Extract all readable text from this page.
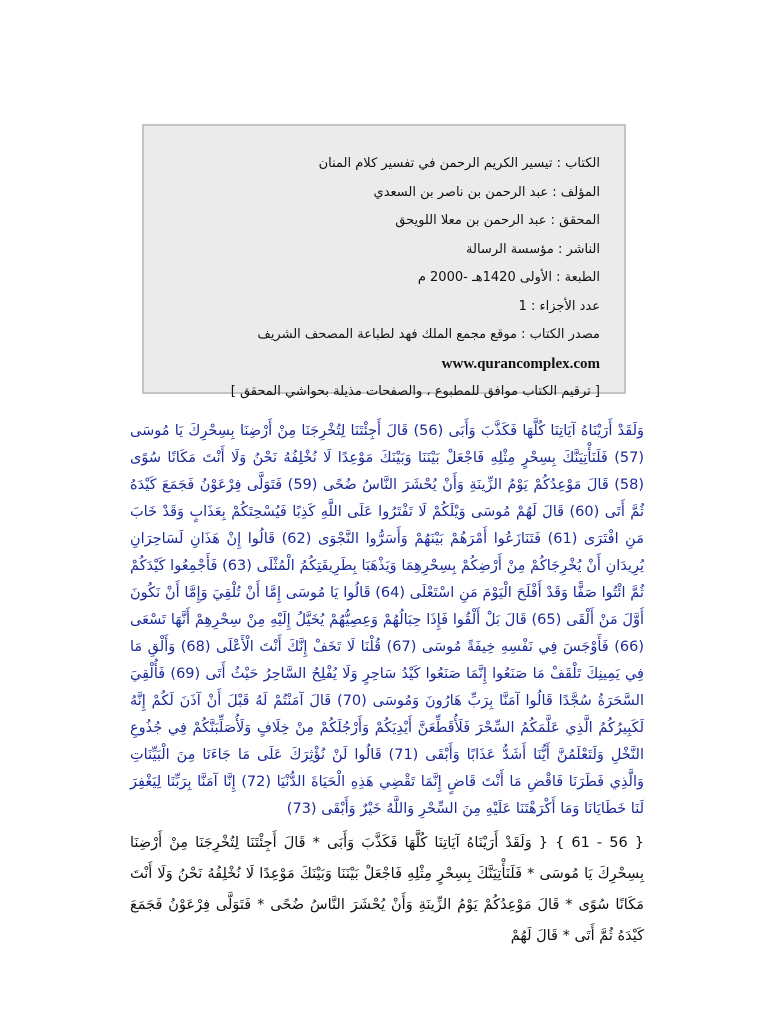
الكتاب : تيسير الكريم الرحمن في تفسير كلام المنان
المؤلف : عبد الرحمن بن ناصر بن السعدي
المحقق : عبد الرحمن بن معلا اللويحق
الناشر : مؤسسة الرسالة
الطبعة : الأولى 1420هـ -2000 م
عدد الأجزاء : 1
مصدر الكتاب : موقع مجمع الملك فهد لطباعة المصحف الشريف
www.qurancomplex.com
[ ترقيم الكتاب موافق للمطبوع ، والصفحات مذيلة بحواشي المحقق ]
وَلَقَدْ أَرَيْنَاهُ آيَاتِنَا كُلَّهَا فَكَذَّبَ وَأَبَى (56) قَالَ أَجِئْتَنَا لِتُخْرِجَنَا مِنْ أَرْضِنَا بِسِحْرِكَ يَا مُوسَى (57) فَلَنَأْتِيَنَّكَ بِسِحْرٍ مِثْلِهِ فَاجْعَلْ بَيْنَنَا وَبَيْنَكَ مَوْعِدًا لَا نُخْلِفُهُ نَحْنُ وَلَا أَنْتَ مَكَانًا سُوًى (58) قَالَ مَوْعِدُكُمْ يَوْمُ الزِّينَةِ وَأَنْ يُحْشَرَ النَّاسُ ضُحًى (59) فَتَوَلَّى فِرْعَوْنُ فَجَمَعَ كَيْدَهُ ثُمَّ أَتَى (60) قَالَ لَهُمْ مُوسَى وَيْلَكُمْ لَا تَفْتَرُوا عَلَى اللَّهِ كَذِبًا فَيُسْحِتَكُمْ بِعَذَابٍ وَقَدْ خَابَ مَنِ افْتَرَى (61) فَتَنَازَعُوا أَمْرَهُمْ بَيْنَهُمْ وَأَسَرُّوا النَّجْوَى (62) قَالُوا إِنْ هَذَانِ لَسَاحِرَانِ يُرِيدَانِ أَنْ يُخْرِجَاكُمْ مِنْ أَرْضِكُمْ بِسِحْرِهِمَا وَيَذْهَبَا بِطَرِيقَتِكُمُ الْمُثْلَى (63) فَأَجْمِعُوا كَيْدَكُمْ ثُمَّ ائْتُوا صَفًّا وَقَدْ أَفْلَحَ الْيَوْمَ مَنِ اسْتَعْلَى (64) قَالُوا يَا مُوسَى إِمَّا أَنْ تُلْقِيَ وَإِمَّا أَنْ نَكُونَ أَوَّلَ مَنْ أَلْقَى (65) قَالَ بَلْ أَلْقُوا فَإِذَا حِبَالُهُمْ وَعِصِيُّهُمْ يُخَيَّلُ إِلَيْهِ مِنْ سِحْرِهِمْ أَنَّهَا تَسْعَى (66) فَأَوْجَسَ فِي نَفْسِهِ خِيفَةً مُوسَى (67) قُلْنَا لَا تَخَفْ إِنَّكَ أَنْتَ الْأَعْلَى (68) وَأَلْقِ مَا فِي يَمِينِكَ تَلْقَفْ مَا صَنَعُوا إِنَّمَا صَنَعُوا كَيْدُ سَاحِرٍ وَلَا يُفْلِحُ السَّاحِرُ حَيْثُ أَتَى (69) فَأُلْقِيَ السَّحَرَةُ سُجَّدًا قَالُوا آمَنَّا بِرَبِّ هَارُونَ وَمُوسَى (70) قَالَ آمَنْتُمْ لَهُ قَبْلَ أَنْ آذَنَ لَكُمْ إِنَّهُ لَكَبِيرُكُمُ الَّذِي عَلَّمَكُمُ السِّحْرَ فَلَأُقَطِّعَنَّ أَيْدِيَكُمْ وَأَرْجُلَكُمْ مِنْ خِلَافٍ وَلَأُصَلِّبَنَّكُمْ فِي جُذُوعِ النَّخْلِ وَلَتَعْلَمُنَّ أَيُّنَا أَشَدُّ عَذَابًا وَأَبْقَى (71) قَالُوا لَنْ نُؤْثِرَكَ عَلَى مَا جَاءَنَا مِنَ الْبَيِّنَاتِ وَالَّذِي فَطَرَنَا فَاقْضِ مَا أَنْتَ قَاضٍ إِنَّمَا تَقْضِي هَذِهِ الْحَيَاةَ الدُّنْيَا (72) إِنَّا آمَنَّا بِرَبِّنَا لِيَغْفِرَ لَنَا خَطَايَانَا وَمَا أَكْرَهْتَنَا عَلَيْهِ مِنَ السِّحْرِ وَاللَّهُ خَيْرٌ وَأَبْقَى (73)
{ 56 - 61 } { وَلَقَدْ أَرَيْنَاهُ آيَاتِنَا كُلَّهَا فَكَذَّبَ وَأَبَى * قَالَ أَجِئْتَنَا لِتُخْرِجَنَا مِنْ أَرْضِنَا بِسِحْرِكَ يَا مُوسَى * فَلَنَأْتِيَنَّكَ بِسِحْرٍ مِثْلِهِ فَاجْعَلْ بَيْنَنَا وَبَيْنَكَ مَوْعِدًا لَا نُخْلِفُهُ نَحْنُ وَلَا أَنْتَ مَكَانًا سُوًى * قَالَ مَوْعِدُكُمْ يَوْمُ الزِّينَةِ وَأَنْ يُحْشَرَ النَّاسُ ضُحًى * فَتَوَلَّى فِرْعَوْنُ فَجَمَعَ كَيْدَهُ ثُمَّ أَتَى * قَالَ لَهُمْ
